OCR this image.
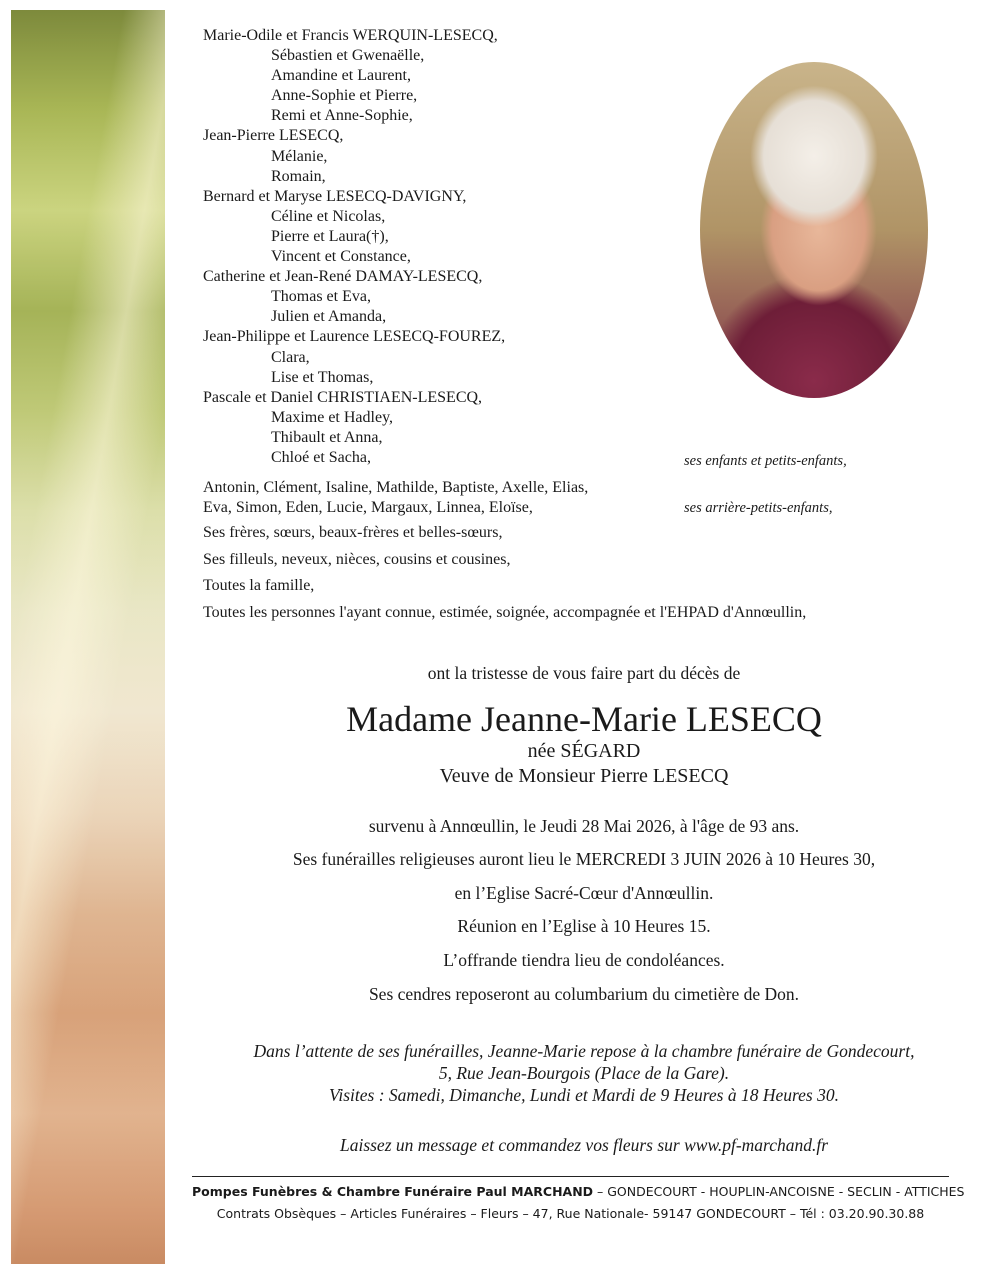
Marie-Odile et Francis WERQUIN-LESECQ,
Sébastien et Gwenaëlle,
Amandine et Laurent,
Anne-Sophie et Pierre,
Remi et Anne-Sophie,
Jean-Pierre LESECQ,
Mélanie,
Romain,
Bernard et Maryse LESECQ-DAVIGNY,
Céline et Nicolas,
Pierre et Laura(†),
Vincent et Constance,
Catherine et Jean-René DAMAY-LESECQ,
Thomas et Eva,
Julien et Amanda,
Jean-Philippe et Laurence LESECQ-FOUREZ,
Clara,
Lise et Thomas,
Pascale et Daniel CHRISTIAEN-LESECQ,
Maxime et Hadley,
Thibault et Anna,
Chloé et Sacha,	ses enfants et petits-enfants,
Antonin, Clément, Isaline, Mathilde, Baptiste, Axelle, Elias,
Eva, Simon, Eden, Lucie, Margaux, Linnea, Eloïse,	ses arrière-petits-enfants,
Ses frères, sœurs, beaux-frères et belles-sœurs,
Ses filleuls, neveux, nièces, cousins et cousines,
Toutes la famille,
Toutes les personnes l'ayant connue, estimée, soignée, accompagnée et l'EHPAD d'Annœullin,
ont la tristesse de vous faire part du décès de
Madame Jeanne-Marie LESECQ
née SÉGARD
Veuve de Monsieur Pierre LESECQ
survenu à Annœullin, le Jeudi 28 Mai 2026, à l'âge de 93 ans.
Ses funérailles religieuses auront lieu le MERCREDI 3 JUIN 2026 à 10 Heures 30,
en l’Eglise Sacré-Cœur d'Annœullin.
Réunion en l’Eglise à 10 Heures 15.
L’offrande tiendra lieu de condoléances.
Ses cendres reposeront au columbarium du cimetière de Don.
Dans l’attente de ses funérailles, Jeanne-Marie repose à la chambre funéraire de Gondecourt,
5, Rue Jean-Bourgois (Place de la Gare).
Visites : Samedi, Dimanche, Lundi et Mardi de 9 Heures à 18 Heures 30.
Laissez un message et commandez vos fleurs sur www.pf-marchand.fr
Pompes Funèbres & Chambre Funéraire Paul MARCHAND – GONDECOURT - HOUPLIN-ANCOISNE - SECLIN - ATTICHES
Contrats Obsèques – Articles Funéraires – Fleurs – 47, Rue Nationale- 59147 GONDECOURT – Tél : 03.20.90.30.88
